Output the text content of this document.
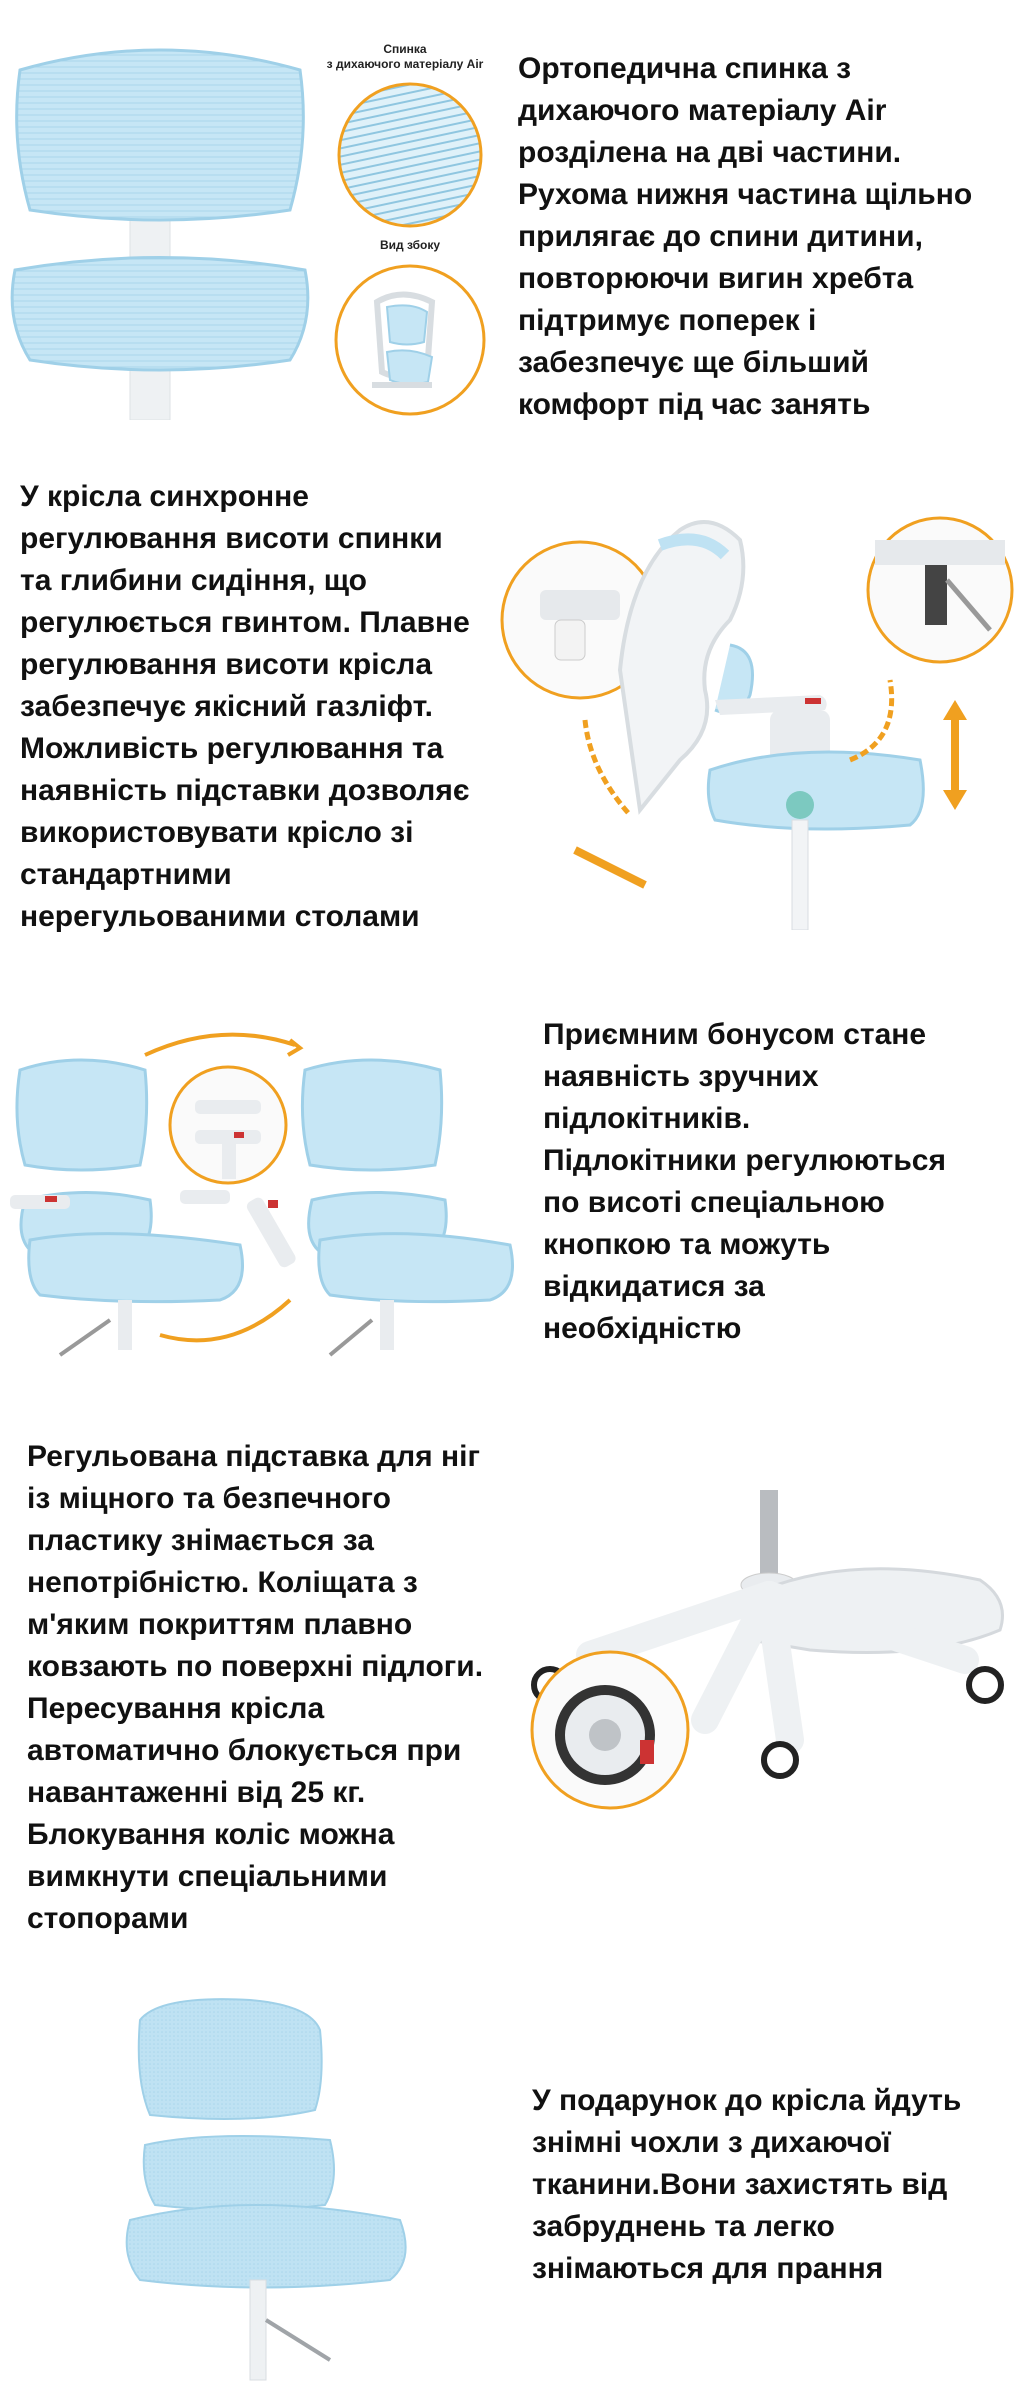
Спинка
з дихаючого матеріалу Air
Вид збоку
Ортопедична спинка з
дихаючого матеріалу Air
розділена на дві частини.
Рухома нижня частина щільно
прилягає до спини дитини,
повторюючи вигин хребта
підтримує поперек і
забезпечує ще більший
комфорт під час занять
У крісла синхронне
регулювання висоти спинки
та глибини сидіння, що
регулюється гвинтом. Плавне
регулювання висоти крісла
забезпечує якісний газліфт.
Можливість регулювання та
наявність підставки дозволяє
використовувати крісло зі
стандартними
нерегульованими столами
Приємним бонусом стане
наявність зручних
підлокітників.
Підлокітники регулюються
по висоті спеціальною
кнопкою та можуть
відкидатися за
необхідністю
Регульована підставка для ніг
із міцного та безпечного
пластику знімається за
непотрібністю. Коліщата з
м'яким покриттям плавно
ковзають по поверхні підлоги.
Пересування крісла
автоматично блокується при
навантаженні від 25 кг.
Блокування коліс можна
вимкнути спеціальними
стопорами
У подарунок до крісла йдуть
знімні чохли з дихаючої
тканини.Вони захистять від
забруднень та легко
знімаються для прання
